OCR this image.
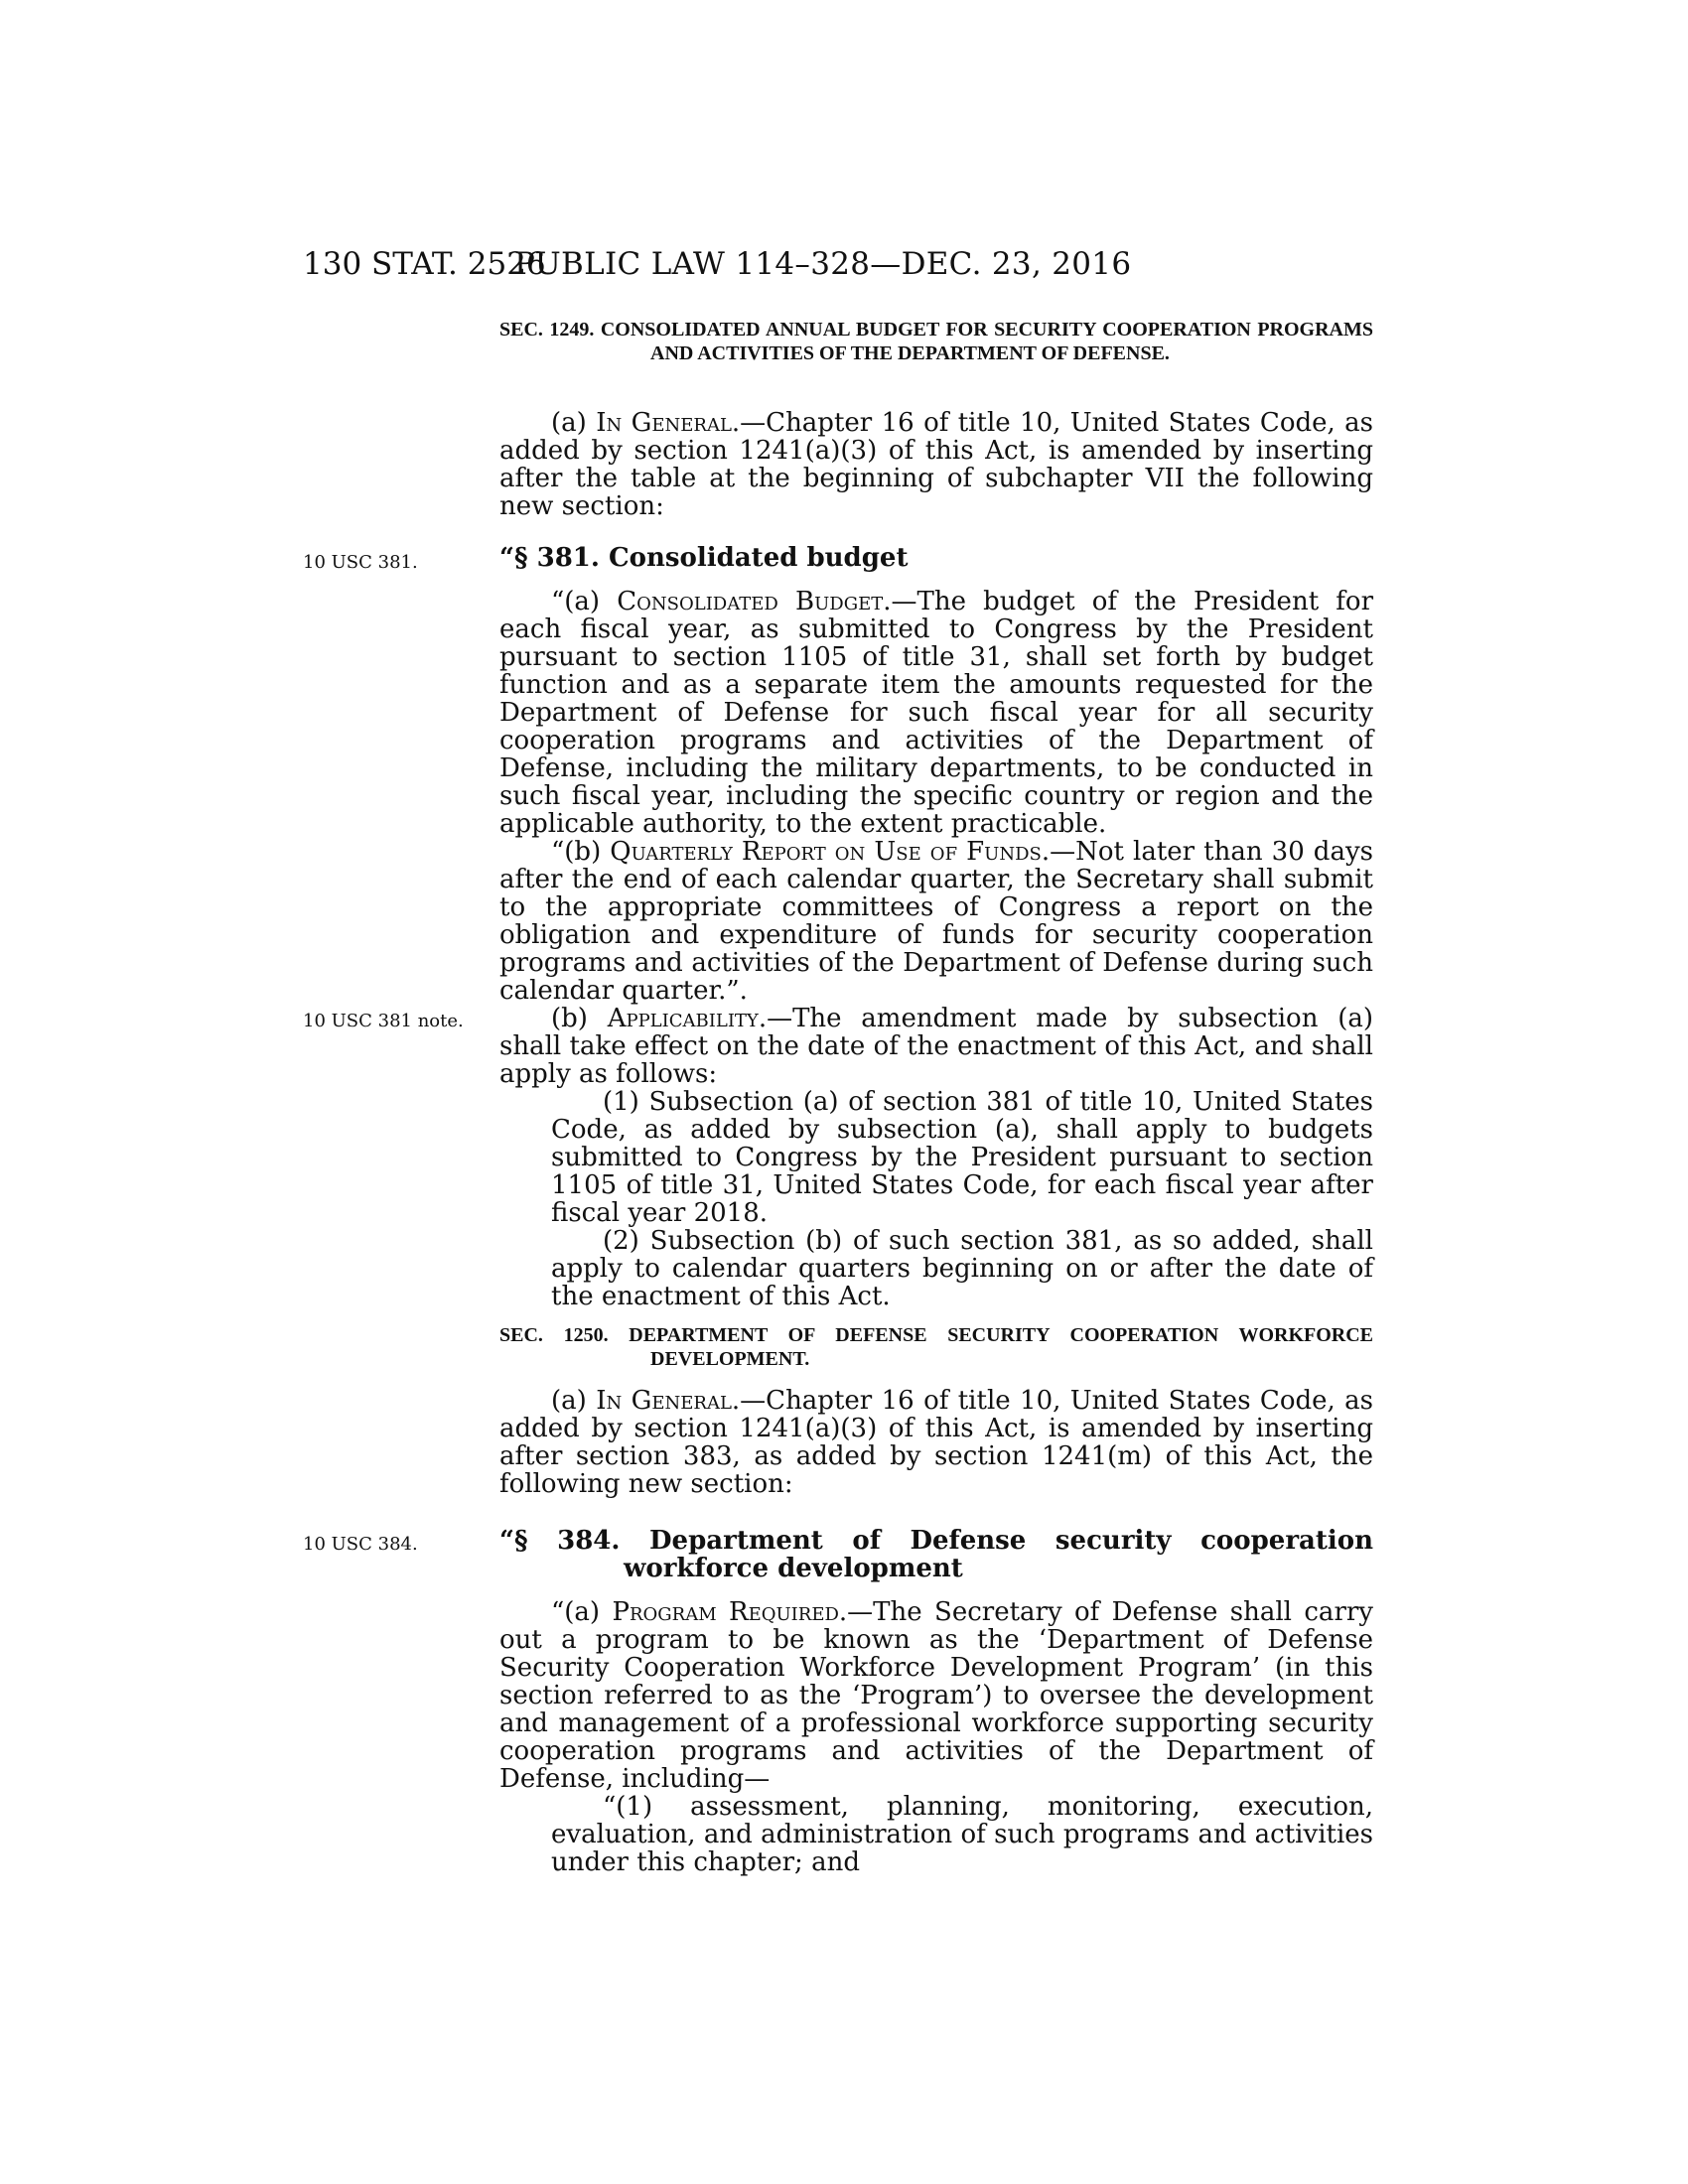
130 STAT. 2526
PUBLIC LAW 114–328—DEC. 23, 2016
10 USC 381.
10 USC 381 note.
10 USC 384.
SEC. 1249. CONSOLIDATED ANNUAL BUDGET FOR SECURITY COOPERATION PROGRAMS AND ACTIVITIES OF THE DEPARTMENT OF DEFENSE.

(a) In General.—Chapter 16 of title 10, United States Code, as added by section 1241(a)(3) of this Act, is amended by inserting after the table at the beginning of subchapter VII the following new section:

“§ 381. Consolidated budget

“(a) Consolidated Budget.—The budget of the President for each fiscal year, as submitted to Congress by the President pursuant to section 1105 of title 31, shall set forth by budget function and as a separate item the amounts requested for the Department of Defense for such fiscal year for all security cooperation programs and activities of the Department of Defense, including the military departments, to be conducted in such fiscal year, including the specific country or region and the applicable authority, to the extent practicable.

“(b) Quarterly Report on Use of Funds.—Not later than 30 days after the end of each calendar quarter, the Secretary shall submit to the appropriate committees of Congress a report on the obligation and expenditure of funds for security cooperation programs and activities of the Department of Defense during such calendar quarter.”.

(b) Applicability.—The amendment made by subsection (a) shall take effect on the date of the enactment of this Act, and shall apply as follows:

(1) Subsection (a) of section 381 of title 10, United States Code, as added by subsection (a), shall apply to budgets submitted to Congress by the President pursuant to section 1105 of title 31, United States Code, for each fiscal year after fiscal year 2018.

(2) Subsection (b) of such section 381, as so added, shall apply to calendar quarters beginning on or after the date of the enactment of this Act.

SEC. 1250. DEPARTMENT OF DEFENSE SECURITY COOPERATION WORKFORCE DEVELOPMENT.

(a) In General.—Chapter 16 of title 10, United States Code, as added by section 1241(a)(3) of this Act, is amended by inserting after section 383, as added by section 1241(m) of this Act, the following new section:

“§ 384. Department of Defense security cooperation workforce development

“(a) Program Required.—The Secretary of Defense shall carry out a program to be known as the ‘Department of Defense Security Cooperation Workforce Development Program’ (in this section referred to as the ‘Program’) to oversee the development and management of a professional workforce supporting security cooperation programs and activities of the Department of Defense, including—

“(1) assessment, planning, monitoring, execution, evaluation, and administration of such programs and activities under this chapter; and
